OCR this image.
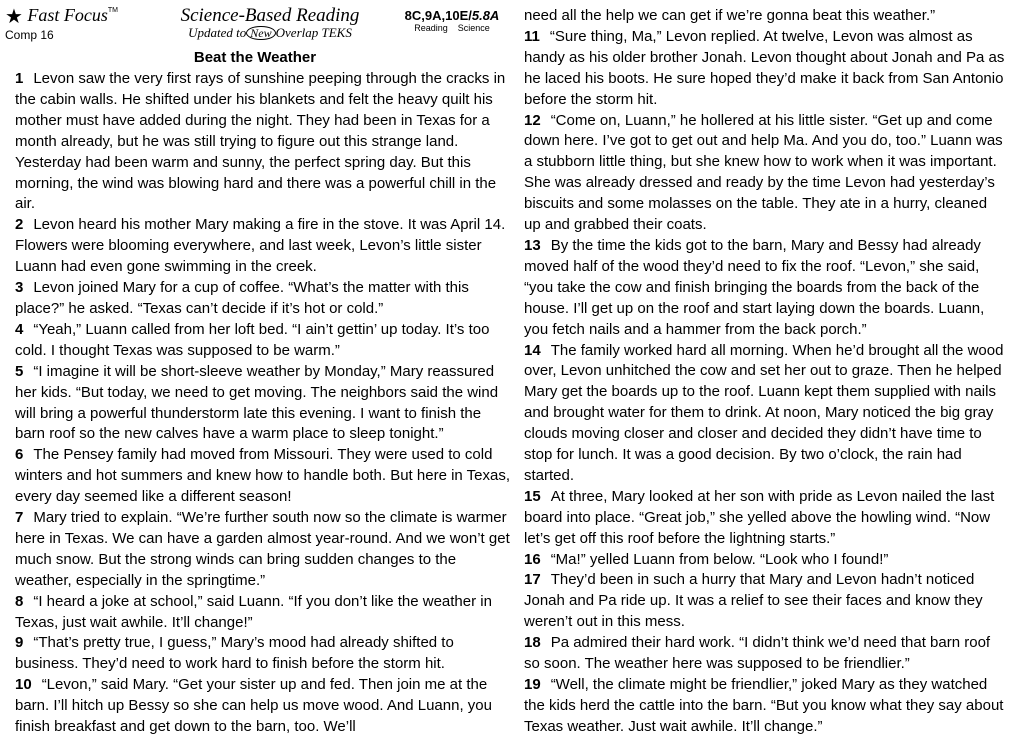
★ Fast Focus™
Comp 16
Science-Based Reading
Updated to New Overlap TEKS
8C,9A,10E/5.8A
Reading Science
Beat the Weather

1 Levon saw the very first rays of sunshine peeping through the cracks in the cabin walls. He shifted under his blankets and felt the heavy quilt his mother must have added during the night. They had been in Texas for a month already, but he was still trying to figure out this strange land. Yesterday had been warm and sunny, the perfect spring day. But this morning, the wind was blowing hard and there was a powerful chill in the air.

2 Levon heard his mother Mary making a fire in the stove. It was April 14. Flowers were blooming everywhere, and last week, Levon’s little sister Luann had even gone swimming in the creek.

3 Levon joined Mary for a cup of coffee. “What’s the matter with this place?” he asked. “Texas can’t decide if it’s hot or cold.”

4 “Yeah,” Luann called from her loft bed. “I ain’t gettin’ up today. It’s too cold. I thought Texas was supposed to be warm.”

5 “I imagine it will be short-sleeve weather by Monday,” Mary reassured her kids. “But today, we need to get moving. The neighbors said the wind will bring a powerful thunderstorm late this evening. I want to finish the barn roof so the new calves have a warm place to sleep tonight.”

6 The Pensey family had moved from Missouri. They were used to cold winters and hot summers and knew how to handle both. But here in Texas, every day seemed like a different season!

7 Mary tried to explain. “We’re further south now so the climate is warmer here in Texas. We can have a garden almost year-round. And we won’t get much snow. But the strong winds can bring sudden changes to the weather, especially in the springtime.”

8 “I heard a joke at school,” said Luann. “If you don’t like the weather in Texas, just wait awhile. It’ll change!”

9 “That’s pretty true, I guess,” Mary’s mood had already shifted to business. They’d need to work hard to finish before the storm hit.

10 “Levon,” said Mary. “Get your sister up and fed. Then join me at the barn. I’ll hitch up Bessy so she can help us move wood. And Luann, you finish breakfast and get down to the barn, too. We’ll

need all the help we can get if we’re gonna beat this weather.”

11 “Sure thing, Ma,” Levon replied. At twelve, Levon was almost as handy as his older brother Jonah. Levon thought about Jonah and Pa as he laced his boots. He sure hoped they’d make it back from San Antonio before the storm hit.

12 “Come on, Luann,” he hollered at his little sister. “Get up and come down here. I’ve got to get out and help Ma. And you do, too.” Luann was a stubborn little thing, but she knew how to work when it was important. She was already dressed and ready by the time Levon had yesterday’s biscuits and some molasses on the table. They ate in a hurry, cleaned up and grabbed their coats.

13 By the time the kids got to the barn, Mary and Bessy had already moved half of the wood they’d need to fix the roof. “Levon,” she said, “you take the cow and finish bringing the boards from the back of the house. I’ll get up on the roof and start laying down the boards. Luann, you fetch nails and a hammer from the back porch.”

14 The family worked hard all morning. When he’d brought all the wood over, Levon unhitched the cow and set her out to graze. Then he helped Mary get the boards up to the roof. Luann kept them supplied with nails and brought water for them to drink. At noon, Mary noticed the big gray clouds moving closer and closer and decided they didn’t have time to stop for lunch. It was a good decision. By two o’clock, the rain had started.

15 At three, Mary looked at her son with pride as Levon nailed the last board into place. “Great job,” she yelled above the howling wind. “Now let’s get off this roof before the lightning starts.”

16 “Ma!” yelled Luann from below. “Look who I found!”

17 They’d been in such a hurry that Mary and Levon hadn’t noticed Jonah and Pa ride up. It was a relief to see their faces and know they weren’t out in this mess.

18 Pa admired their hard work. “I didn’t think we’d need that barn roof so soon. The weather here was supposed to be friendlier.”

19 “Well, the climate might be friendlier,” joked Mary as they watched the kids herd the cattle into the barn. “But you know what they say about Texas weather. Just wait awhile. It’ll change.”
